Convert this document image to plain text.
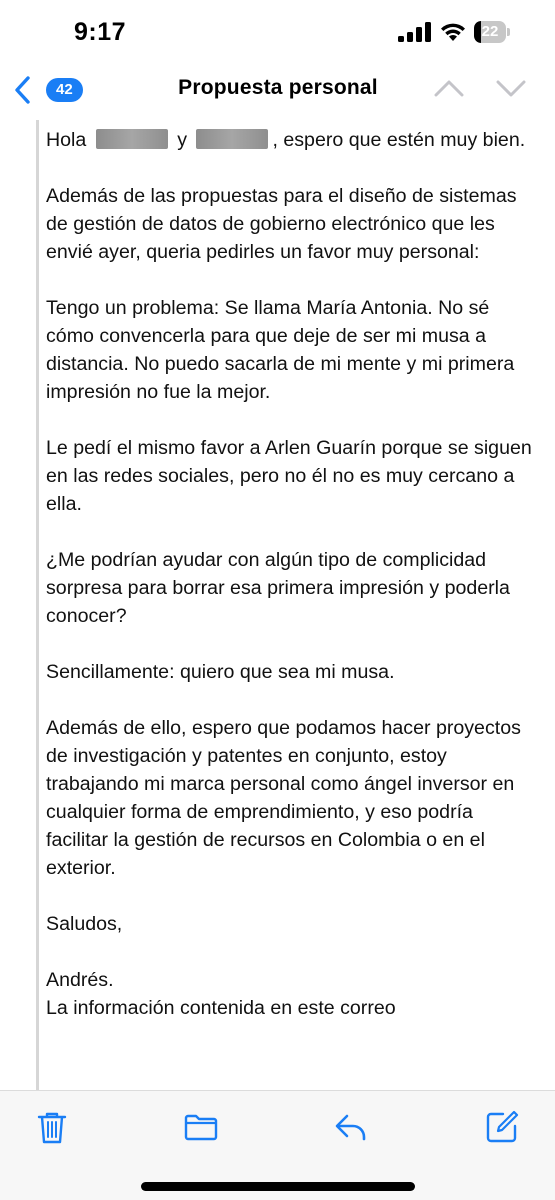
9:17	22
42	Propuesta personal

Hola	y	, espero que estén muy bien.

Además de las propuestas para el diseño de sistemas de gestión de datos de gobierno electrónico que les envié ayer, queria pedirles un favor muy personal:

Tengo un problema: Se llama María Antonia. No sé cómo convencerla para que deje de ser mi musa a distancia. No puedo sacarla de mi mente y mi primera impresión no fue la mejor.

Le pedí el mismo favor a Arlen Guarín porque se siguen en las redes sociales, pero no él no es muy cercano a ella.

¿Me podrían ayudar con algún tipo de complicidad sorpresa para borrar esa primera impresión y poderla conocer?

Sencillamente: quiero que sea mi musa.

Además de ello, espero que podamos hacer proyectos de investigación y patentes en conjunto, estoy trabajando mi marca personal como ángel inversor en cualquier forma de emprendimiento, y eso podría facilitar la gestión de recursos en Colombia o en el exterior.

Saludos,

Andrés.
La información contenida en este correo
